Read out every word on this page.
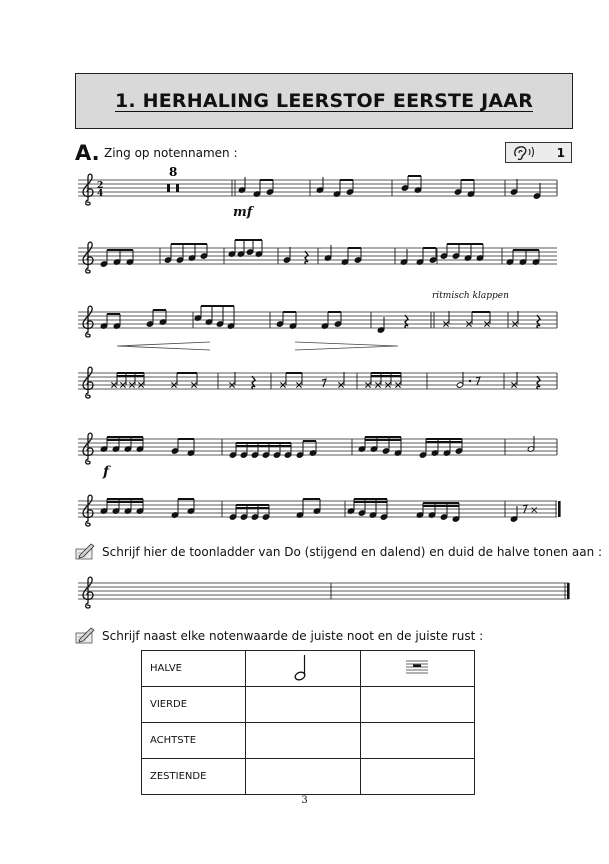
1. HERHALING LEERSTOF EERSTE JAAR
A. Zing op notennamen :	1
2
4
8
×
mf
f
ritmisch klappen
Schrijf hier de toonladder van Do (stijgend en dalend) en duid de halve tonen aan :
Schrijf naast elke notenwaarde de juiste noot en de juiste rust :
HALVE		
VIERDE		
ACHTSTE		
ZESTIENDE		
3
